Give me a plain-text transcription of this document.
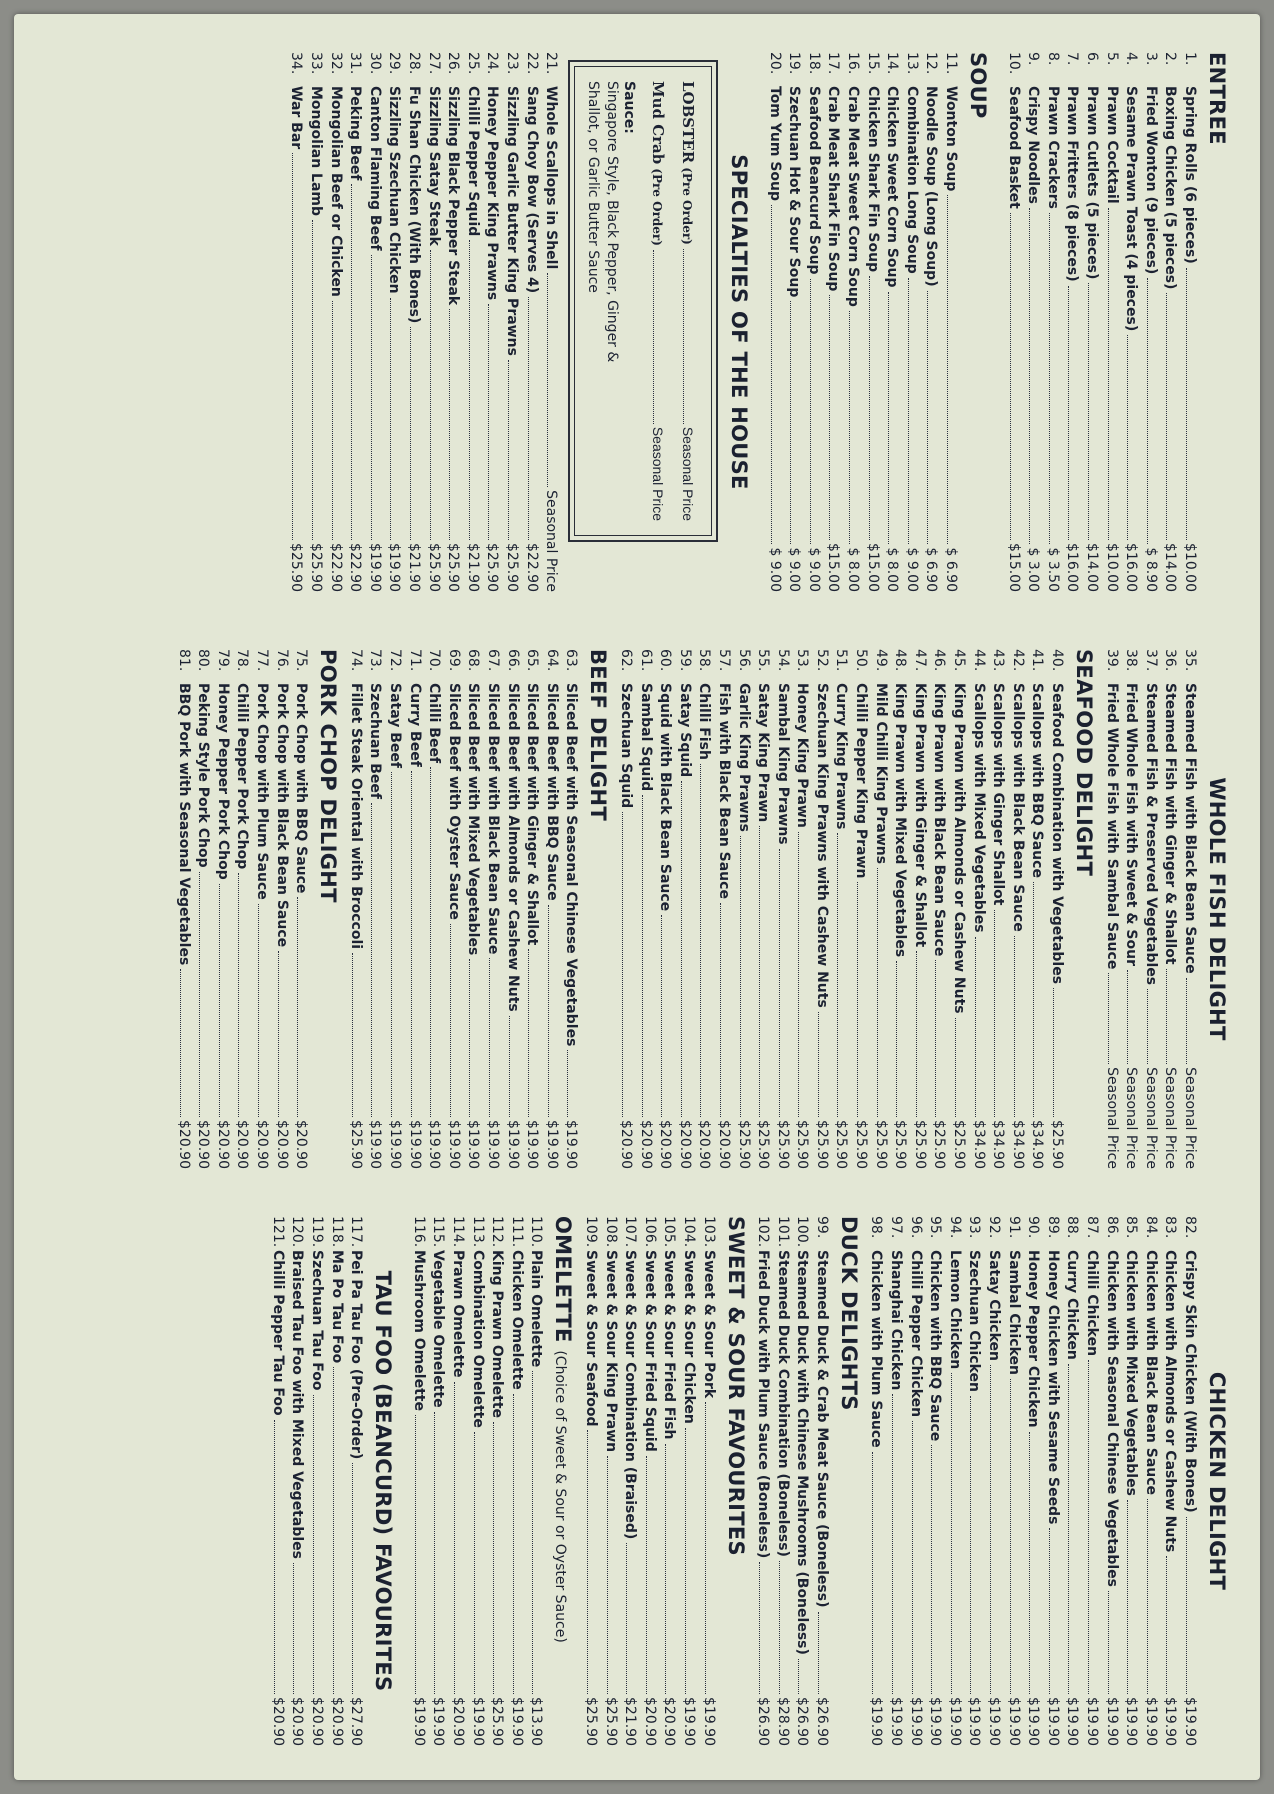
ENTREE
1.
Spring Rolls (6 pieces)
$10.00
2.
Boxing Chicken (5 pieces)
$14.00
3.
Fried Wonton (9 pieces)
$ 8.90
4.
Sesame Prawn Toast (4 pieces)
$16.00
5.
Prawn Cocktail
$10.00
6.
Prawn Cutlets (5 pieces)
$14.00
7.
Prawn Fritters (8 pieces)
$16.00
8.
Prawn Crackers
$ 3.50
9.
Crispy Noodles
$ 3.00
10.
Seafood Basket
$15.00
SOUP
11.
Wonton Soup
$ 6.90
12.
Noodle Soup (Long Soup)
$ 6.90
13.
Combination Long Soup
$ 9.00
14.
Chicken Sweet Corn Soup
$ 8.00
15.
Chicken Shark Fin Soup
$15.00
16.
Crab Meat Sweet Corn Soup
$ 8.00
17.
Crab Meat Shark Fin Soup
$15.00
18.
Seafood Beancurd Soup
$ 9.00
19.
Szechuan Hot & Sour Soup
$ 9.00
20.
Tom Yum Soup
$ 9.00
SPECIALTIES OF THE HOUSE
LOBSTER
(Pre Order)
Seasonal Price
Mud Crab
(Pre Order)
Seasonal Price
Sauce:
Singapore Style, Black Pepper, Ginger & Shallot, or Garlic Butter Sauce
21.
Whole Scallops in Shell
Seasonal Price
22.
Sang Choy Bow (Serves 4)
$22.90
23.
Sizzling Garlic Butter King Prawns
$25.90
24.
Honey Pepper King Prawns
$25.90
25.
Chilli Pepper Squid
$21.90
26.
Sizzling Black Pepper Steak
$25.90
27.
Sizzling Satay Steak
$25.90
28.
Fu Shan Chicken (With Bones)
$21.90
29.
Sizzling Szechuan Chicken
$19.90
30.
Canton Flaming Beef
$19.90
31.
Peking Beef
$22.90
32.
Mongolian Beef or Chicken
$22.90
33.
Mongolian Lamb
$25.90
34.
War Bar
$25.90
WHOLE FISH DELIGHT
35.
Steamed Fish with Black Bean Sauce
Seasonal Price
36.
Steamed Fish with Ginger & Shallot
Seasonal Price
37.
Steamed Fish & Preserved Vegetables
Seasonal Price
38.
Fried Whole Fish with Sweet & Sour
Seasonal Price
39.
Fried Whole Fish with Sambal Sauce
Seasonal Price
SEAFOOD DELIGHT
40.
Seafood Combination with Vegetables
$25.90
41.
Scallops with BBQ Sauce
$34.90
42.
Scallops with Black Bean Sauce
$34.90
43.
Scallops with Ginger Shallot
$34.90
44.
Scallops with Mixed Vegetables
$34.90
45.
King Prawn with Almonds or Cashew Nuts
$25.90
46.
King Prawn with Black Bean Sauce
$25.90
47.
King Prawn with Ginger & Shallot
$25.90
48.
King Prawn with Mixed Vegetables
$25.90
49.
Mild Chilli King Prawns
$25.90
50.
Chilli Pepper King Prawn
$25.90
51.
Curry King Prawns
$25.90
52.
Szechuan King Prawns with Cashew Nuts
$25.90
53.
Honey King Prawn
$25.90
54.
Sambal King Prawns
$25.90
55.
Satay King Prawn
$25.90
56.
Garlic King Prawns
$25.90
57.
Fish with Black Bean Sauce
$20.90
58.
Chilli Fish
$20.90
59.
Satay Squid
$20.90
60.
Squid with Black Bean Sauce
$20.90
61.
Sambal Squid
$20.90
62.
Szechuan Squid
$20.90
BEEF DELIGHT
63.
Sliced Beef with Seasonal Chinese Vegetables
$19.90
64.
Sliced Beef with BBQ Sauce
$19.90
65.
Sliced Beef with Ginger & Shallot
$19.90
66.
Sliced Beef with Almonds or Cashew Nuts
$19.90
67.
Sliced Beef with Black Bean Sauce
$19.90
68.
Sliced Beef with Mixed Vegetables
$19.90
69.
Sliced Beef with Oyster Sauce
$19.90
70.
Chilli Beef
$19.90
71.
Curry Beef
$19.90
72.
Satay Beef
$19.90
73.
Szechuan Beef
$19.90
74.
Fillet Steak Oriental with Broccoli
$25.90
PORK CHOP DELIGHT
75.
Pork Chop with BBQ Sauce
$20.90
76.
Pork Chop with Black Bean Sauce
$20.90
77.
Pork Chop with Plum Sauce
$20.90
78.
Chilli Pepper Pork Chop
$20.90
79.
Honey Pepper Pork Chop
$20.90
80.
Peking Style Pork Chop
$20.90
81.
BBQ Pork with Seasonal Vegetables
$20.90
CHICKEN DELIGHT
82.
Crispy Skin Chicken (With Bones)
$19.90
83.
Chicken with Almonds or Cashew Nuts
$19.90
84.
Chicken with Black Bean Sauce
$19.90
85.
Chicken with Mixed Vegetables
$19.90
86.
Chicken with Seasonal Chinese Vegetables
$19.90
87.
Chilli Chicken
$19.90
88.
Curry Chicken
$19.90
89.
Honey Chicken with Sesame Seeds
$19.90
90.
Honey Pepper Chicken
$19.90
91.
Sambal Chicken
$19.90
92.
Satay Chicken
$19.90
93.
Szechuan Chicken
$19.90
94.
Lemon Chicken
$19.90
95.
Chicken with BBQ Sauce
$19.90
96.
Chilli Pepper Chicken
$19.90
97.
Shanghai Chicken
$19.90
98.
Chicken with Plum Sauce
$19.90
DUCK DELIGHTS
99.
Steamed Duck & Crab Meat Sauce (Boneless)
$26.90
100.
Steamed Duck with Chinese Mushrooms (Boneless)
$26.90
101.
Steamed Duck Combination (Boneless)
$28.90
102.
Fried Duck with Plum Sauce (Boneless)
$26.90
SWEET & SOUR FAVOURITES
103.
Sweet & Sour Pork
$19.90
104.
Sweet & Sour Chicken
$19.90
105.
Sweet & Sour Fried Fish
$20.90
106.
Sweet & Sour Fried Squid
$20.90
107.
Sweet & Sour Combination (Braised)
$21.90
108.
Sweet & Sour King Prawn
$25.90
109.
Sweet & Sour Seafood
$25.90
OMELETTE (Choice of Sweet & Sour or Oyster Sauce)
110.
Plain Omelette
$13.90
111.
Chicken Omelette
$19.90
112.
King Prawn Omelette
$25.90
113.
Combination Omelette
$19.90
114.
Prawn Omelette
$20.90
115.
Vegetable Omelette
$19.90
116.
Mushroom Omelette
$19.90
TAU FOO (BEANCURD) FAVOURITES
117.
Pei Pa Tau Foo (Pre-Order)
$27.90
118.
Ma Po Tau Foo
$20.90
119.
Szechuan Tau Foo
$20.90
120.
Braised Tau Foo with Mixed Vegetables
$20.90
121.
Chilli Pepper Tau Foo
$20.90
